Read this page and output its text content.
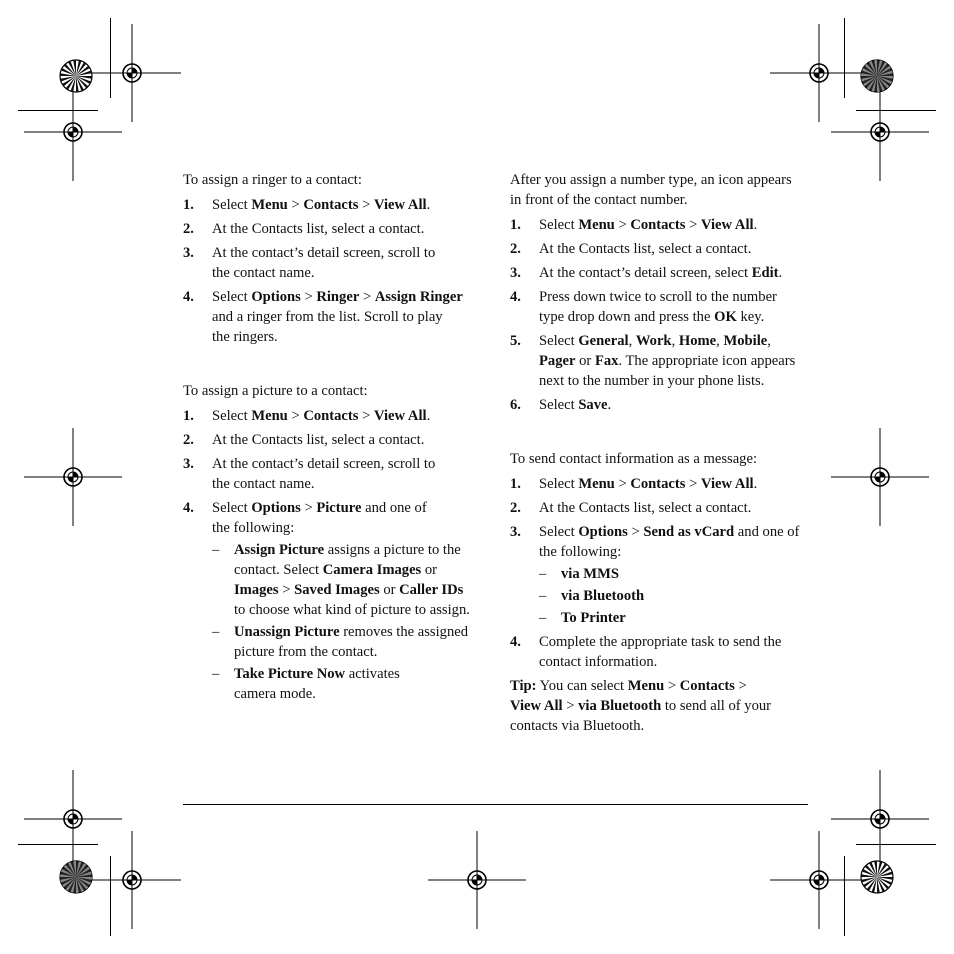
To assign a ringer to a contact:

1. Select Menu > Contacts > View All.
2. At the Contacts list, select a contact.
3. At the contact’s detail screen, scroll to
the contact name.
4. Select Options > Ringer > Assign Ringer
and a ringer from the list. Scroll to play
the ringers.

To assign a picture to a contact:

1. Select Menu > Contacts > View All.
2. At the Contacts list, select a contact.
3. At the contact’s detail screen, scroll to
the contact name.
4. Select Options > Picture and one of
the following:
– Assign Picture assigns a picture to the
contact. Select Camera Images or
Images > Saved Images or Caller IDs
to choose what kind of picture to assign.
– Unassign Picture removes the assigned
picture from the contact.
– Take Picture Now activates
camera mode.

After you assign a number type, an icon appears
in front of the contact number.

1. Select Menu > Contacts > View All.
2. At the Contacts list, select a contact.
3. At the contact’s detail screen, select Edit.
4. Press down twice to scroll to the number
type drop down and press the OK key.
5. Select General, Work, Home, Mobile,
Pager or Fax. The appropriate icon appears
next to the number in your phone lists.
6. Select Save.

To send contact information as a message:

1. Select Menu > Contacts > View All.
2. At the Contacts list, select a contact.
3. Select Options > Send as vCard and one of
the following:
– via MMS
– via Bluetooth
– To Printer
4. Complete the appropriate task to send the
contact information.

Tip: You can select Menu > Contacts >
View All > via Bluetooth to send all of your
contacts via Bluetooth.
